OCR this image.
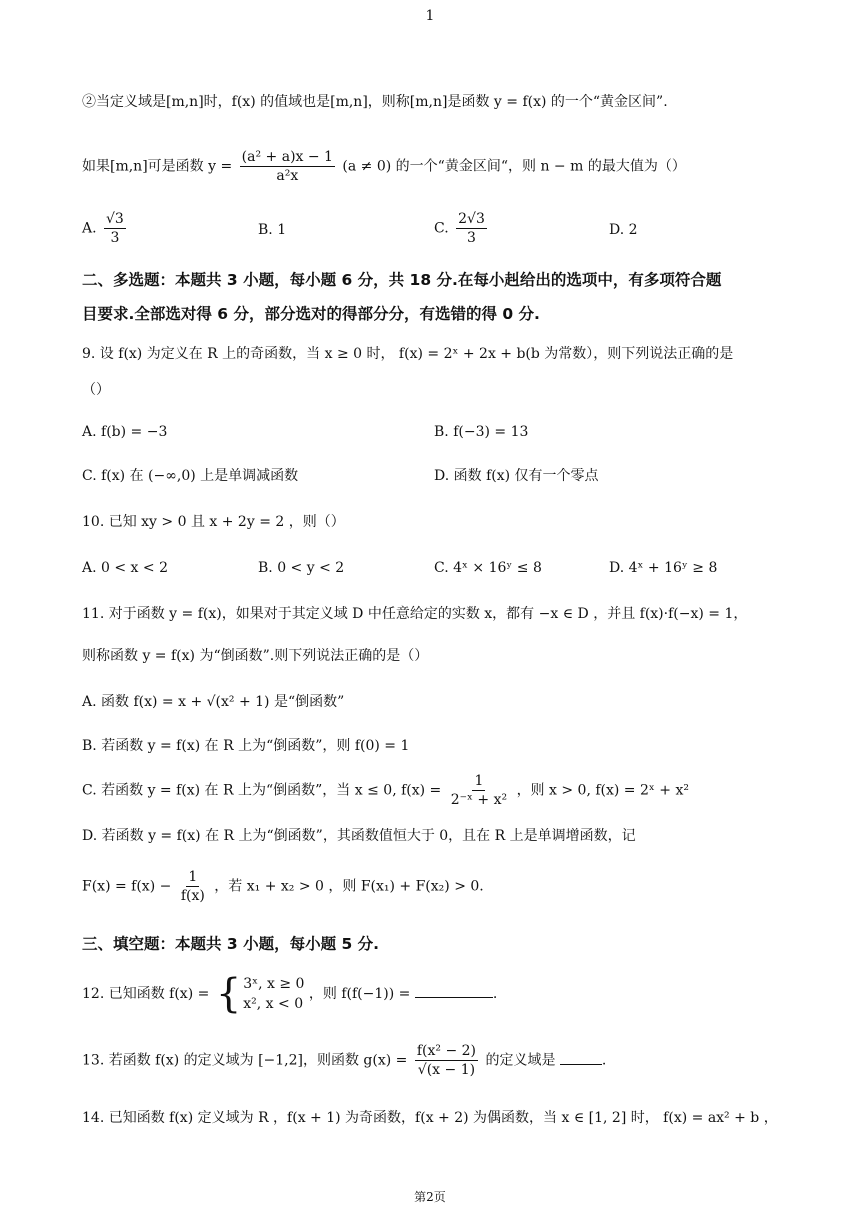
1
②当定义域是[m,n]时，f(x) 的值域也是[m,n]，则称[m,n]是函数 y = f(x) 的一个“黄金区间”.
如果[m,n]可是函数 $y = \frac{\text{(a² + a)x − 1}}{\text{a²x}} (a \ne 0)$ 的一个“黄金区间“，则 n − m 的最大值为（）
A. $\frac{√3}{3}$	B. 1	C. $\frac{2√3}{3}$	D. 2
二、多选题：本题共 3 小题，每小题 6 分，共 18 分.在每小赳给出的选项中，有多项符合题
目要求.全部选对得 6 分，部分选对的得部分分，有选错的得 0 分.
9. 设 f(x) 为定义在 R 上的奇函数，当 x ≥ 0 时， f(x) = 2ˣ + 2x + b(b 为常数），则下列说法正确的是
（）
A. f(b) = −3	B. f(−3) = 13
C. f(x) 在 (−∞,0) 上是单调减函数	D. 函数 f(x) 仅有一个零点
10. 已知 xy > 0 且 x + 2y = 2 ，则（）
A. 0 < x < 2	B. 0 < y < 2	C. 4ˣ × 16ʸ ≤ 8	D. 4ˣ + 16ʸ ≥ 8
11. 对于函数 y = f(x)，如果对于其定义域 D 中任意给定的实数 x，都有 −x ∈ D ，并且 f(x)·f(−x) = 1，
则称函数 y = f(x) 为“倒函数”.则下列说法正确的是（）
A. 函数 f(x) = x + √(x² + 1) 是“倒函数”
B. 若函数 y = f(x) 在 R 上为“倒函数”，则 f(0) = 1
C. 若函数 y = f(x) 在 R 上为“倒函数”，当 x ≤ 0, $f(x) = \frac{1}{\text{2⁻ˣ + x²}}$ ，则 x > 0, f(x) = 2ˣ + x²
D. 若函数 y = f(x) 在 R 上为“倒函数”，其函数值恒大于 0，且在 R 上是单调增函数，记
$F(x) = f(x) - \frac{1}{f(x)}$ ，若 x₁ + x₂ > 0 ，则 F(x₁) + F(x₂) > 0.
三、填空题：本题共 3 小题，每小题 5 分.
12. 已知函数 f(x) = { 3ˣ, x ≥ 0
x², x < 0
，则 f(f(−1)) =	.
13. 若函数 f(x) 的定义域为 [−1,2]，则函数 $g(x) = \frac{\text{f(x² − 2)}}{√(x - 1)}$ 的定义域是	.
14. 已知函数 f(x) 定义域为 R ，f(x + 1) 为奇函数，f(x + 2) 为偶函数，当 x ∈ [1, 2] 时， f(x) = ax² + b ，
第2页
